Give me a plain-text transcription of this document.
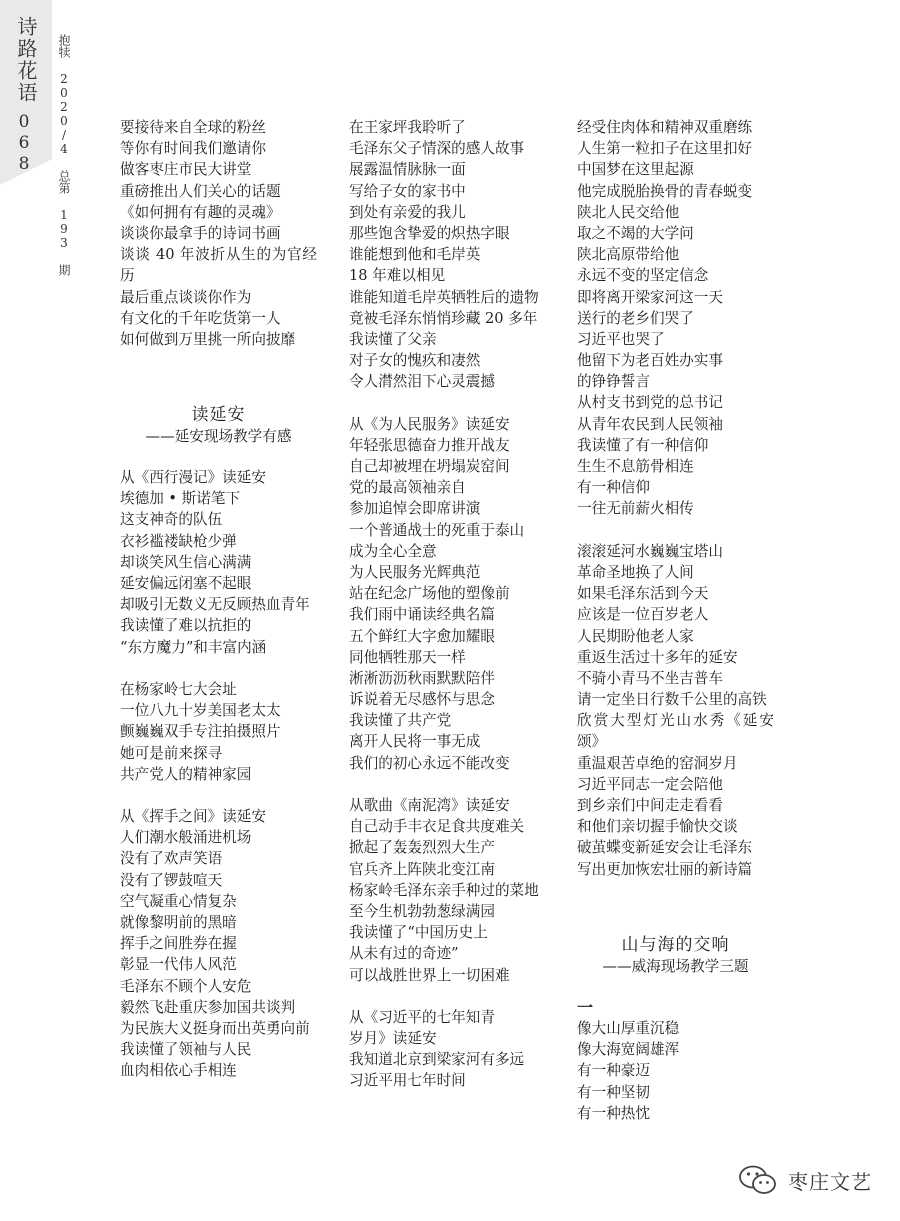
诗路花语
068 抱犊 2020/4 总第 193 期	要接待来自全球的粉丝
等你有时间我们邀请你
做客枣庄市民大讲堂
重磅推出人们关心的话题
《如何拥有有趣的灵魂》
谈谈你最拿手的诗词书画
谈谈 40 年波折从生的为官经历
最后重点谈谈你作为
有文化的千年吃货第一人
如何做到万里挑一所向披靡
读延安
——延安现场教学有感
从《西行漫记》读延安
埃德加 • 斯诺笔下
这支神奇的队伍
衣衫褴褛缺枪少弹
却谈笑风生信心满满
延安偏远闭塞不起眼
却吸引无数义无反顾热血青年
我读懂了难以抗拒的
“东方魔力”和丰富内涵
在杨家岭七大会址
一位八九十岁美国老太太
颤巍巍双手专注拍摄照片
她可是前来探寻
共产党人的精神家园
从《挥手之间》读延安
人们潮水般涌进机场
没有了欢声笑语
没有了锣鼓喧天
空气凝重心情复杂
就像黎明前的黑暗
挥手之间胜券在握
彰显一代伟人风范
毛泽东不顾个人安危
毅然飞赴重庆参加国共谈判
为民族大义挺身而出英勇向前
我读懂了领袖与人民
血肉相依心手相连
在王家坪我聆听了
毛泽东父子情深的感人故事
展露温情脉脉一面
写给子女的家书中
到处有亲爱的我儿
那些饱含挚爱的炽热字眼
谁能想到他和毛岸英
18 年难以相见
谁能知道毛岸英牺牲后的遗物
竟被毛泽东悄悄珍藏 20 多年
我读懂了父亲
对子女的愧疚和凄然
令人潸然泪下心灵震撼
从《为人民服务》读延安
年轻张思德奋力推开战友
自己却被埋在坍塌炭窑间
党的最高领袖亲自
参加追悼会即席讲演
一个普通战士的死重于泰山
成为全心全意
为人民服务光辉典范
站在纪念广场他的塑像前
我们雨中诵读经典名篇
五个鲜红大字愈加耀眼
同他牺牲那天一样
淅淅沥沥秋雨默默陪伴
诉说着无尽感怀与思念
我读懂了共产党
离开人民将一事无成
我们的初心永远不能改变
从歌曲《南泥湾》读延安
自己动手丰衣足食共度难关
掀起了轰轰烈烈大生产
官兵齐上阵陕北变江南
杨家岭毛泽东亲手种过的菜地
至今生机勃勃葱绿满园
我读懂了“中国历史上
从未有过的奇迹”
可以战胜世界上一切困难
从《习近平的七年知青
岁月》读延安
我知道北京到梁家河有多远
习近平用七年时间
经受住肉体和精神双重磨练
人生第一粒扣子在这里扣好
中国梦在这里起源
他完成脱胎换骨的青春蜕变
陕北人民交给他
取之不竭的大学问
陕北高原带给他
永远不变的坚定信念
即将离开梁家河这一天
送行的老乡们哭了
习近平也哭了
他留下为老百姓办实事
的铮铮誓言
从村支书到党的总书记
从青年农民到人民领袖
我读懂了有一种信仰
生生不息筋骨相连
有一种信仰
一往无前薪火相传
滚滚延河水巍巍宝塔山
革命圣地换了人间
如果毛泽东活到今天
应该是一位百岁老人
人民期盼他老人家
重返生活过十多年的延安
不骑小青马不坐吉普车
请一定坐日行数千公里的高铁
欣赏大型灯光山水秀《延安颂》
重温艰苦卓绝的窑洞岁月
习近平同志一定会陪他
到乡亲们中间走走看看
和他们亲切握手愉快交谈
破茧蝶变新延安会让毛泽东
写出更加恢宏壮丽的新诗篇
山与海的交响
——威海现场教学三题
一
像大山厚重沉稳
像大海宽阔雄浑
有一种豪迈
有一种坚韧
有一种热忱
枣庄文艺
